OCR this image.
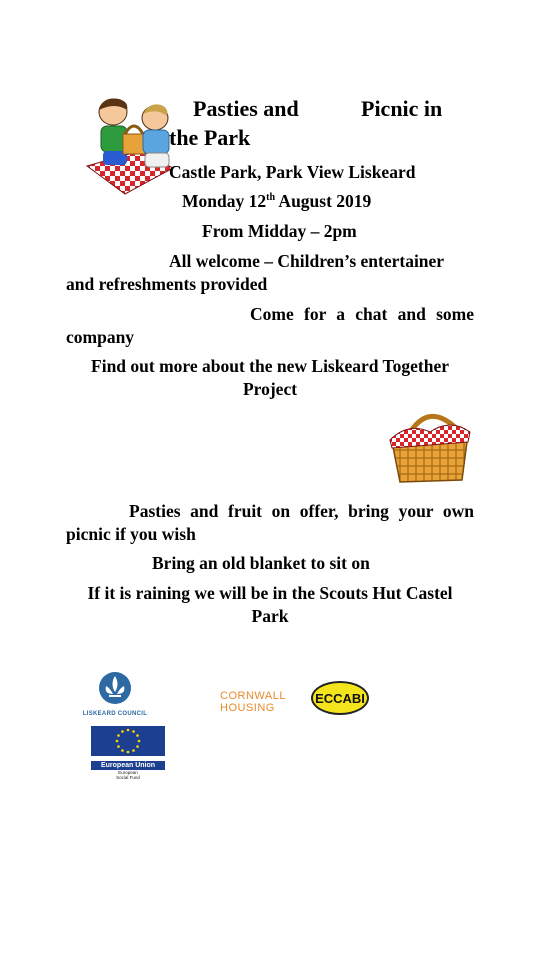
Pasties and	Picnic in
the Park
Castle Park, Park View Liskeard
Monday 12th August 2019
From Midday – 2pm
All welcome – Children’s entertainer
and refreshments provided
Come for a chat and some
company
Find out more about the new Liskeard Together
Project
Pasties and fruit on offer, bring your own
picnic if you wish
Bring an old blanket to sit on
If it is raining we will be in the Scouts Hut Castel
Park
LISKEARD COUNCIL
CORNWALL
HOUSING
ECCABI
European Union
European
Social Fund
